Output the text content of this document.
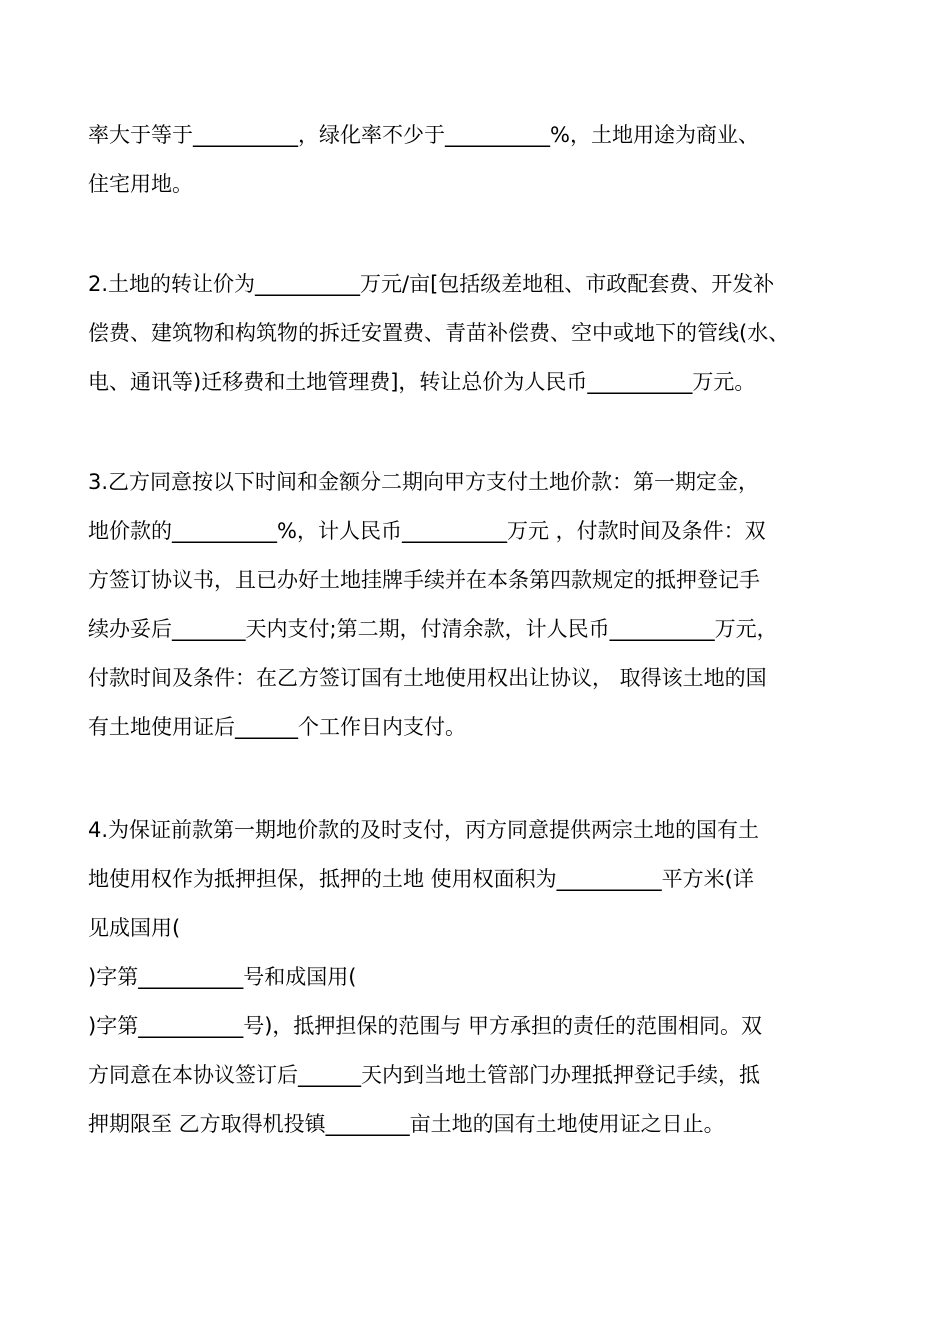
率大于等于__________，绿化率不少于__________%，土地用途为商业、
住宅用地。

2.土地的转让价为__________万元/亩[包括级差地租、市政配套费、开发补
偿费、建筑物和构筑物的拆迁安置费、青苗补偿费、空中或地下的管线(水、
电、通讯等)迁移费和土地管理费]，转让总价为人民币__________万元。

3.乙方同意按以下时间和金额分二期向甲方支付土地价款：第一期定金，
地价款的__________%，计人民币__________万元 ，付款时间及条件：双
方签订协议书，且已办好土地挂牌手续并在本条第四款规定的抵押登记手
续办妥后_______天内支付;第二期，付清余款，计人民币__________万元，
付款时间及条件：在乙方签订国有土地使用权出让协议， 取得该土地的国
有土地使用证后______个工作日内支付。

4.为保证前款第一期地价款的及时支付，丙方同意提供两宗土地的国有土
地使用权作为抵押担保，抵押的土地 使用权面积为__________平方米(详
见成国用(
)字第__________号和成国用(
)字第__________号)，抵押担保的范围与 甲方承担的责任的范围相同。双
方同意在本协议签订后______天内到当地土管部门办理抵押登记手续，抵
押期限至 乙方取得机投镇________亩土地的国有土地使用证之日止。
